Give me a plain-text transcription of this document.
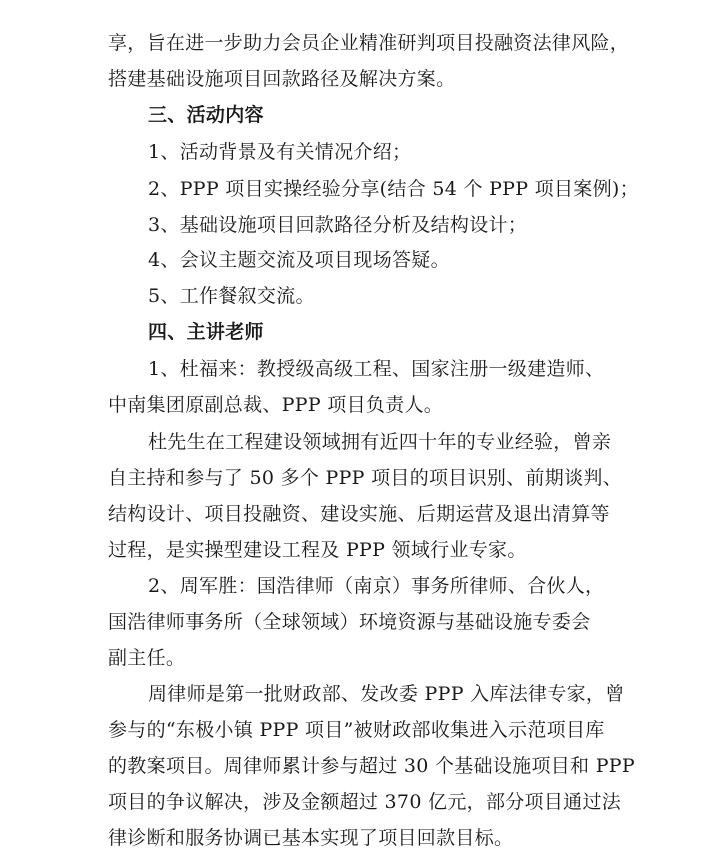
享，旨在进一步助力会员企业精准研判项目投融资法律风险，
搭建基础设施项目回款路径及解决方案。
三、活动内容
1、活动背景及有关情况介绍；
2、PPP 项目实操经验分享(结合 54 个 PPP 项目案例)；
3、基础设施项目回款路径分析及结构设计；
4、会议主题交流及项目现场答疑。
5、工作餐叙交流。
四、主讲老师
1、杜福来：教授级高级工程、国家注册一级建造师、
中南集团原副总裁、PPP 项目负责人。
杜先生在工程建设领域拥有近四十年的专业经验，曾亲
自主持和参与了 50 多个 PPP 项目的项目识别、前期谈判、
结构设计、项目投融资、建设实施、后期运营及退出清算等
过程，是实操型建设工程及 PPP 领域行业专家。
2、周军胜：国浩律师（南京）事务所律师、合伙人，
国浩律师事务所（全球领域）环境资源与基础设施专委会
副主任。
周律师是第一批财政部、发改委 PPP 入库法律专家，曾
参与的“东极小镇 PPP 项目”被财政部收集进入示范项目库
的教案项目。周律师累计参与超过 30 个基础设施项目和 PPP
项目的争议解决，涉及金额超过 370 亿元，部分项目通过法
律诊断和服务协调已基本实现了项目回款目标。
